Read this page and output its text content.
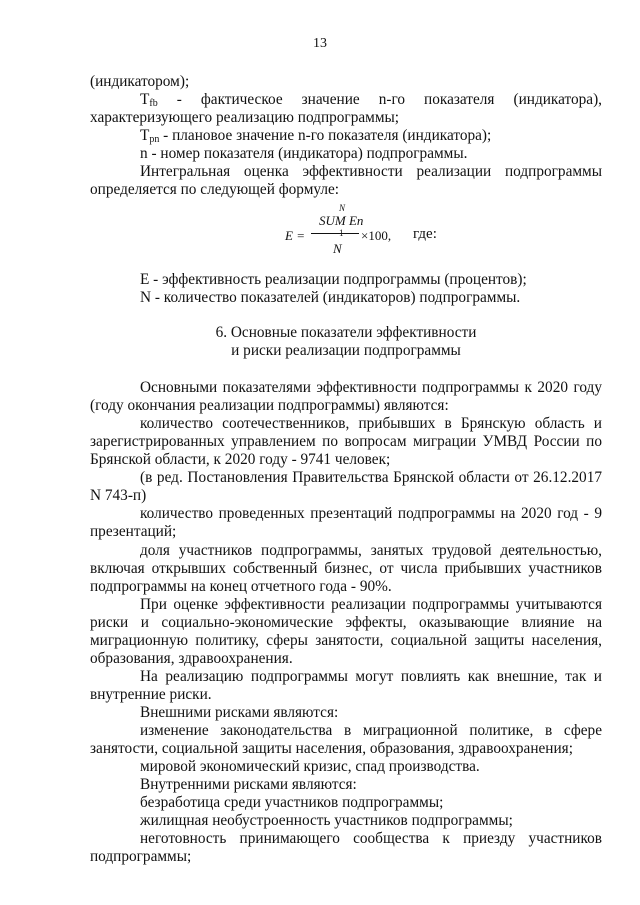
13
(индикатором);
$T_{fb}$ - фактическое значение n-го показателя (индикатора),
характеризующего реализацию подпрограммы;
$T_{pn}$ - плановое значение n-го показателя (индикатора);
n - номер показателя (индикатора) подпрограммы.
Интегральная оценка эффективности реализации подпрограммы
определяется по следующей формуле:
N
SUM En
E =	×100,
N
где:
E - эффективность реализации подпрограммы (процентов);
N - количество показателей (индикаторов) подпрограммы.
6. Основные показатели эффективности
и риски реализации подпрограммы
Основными показателями эффективности подпрограммы к 2020 году
(году окончания реализации подпрограммы) являются:
количество соотечественников, прибывших в Брянскую область и
зарегистрированных управлением по вопросам миграции УМВД России по
Брянской области, к 2020 году - 9741 человек;
(в ред. Постановления Правительства Брянской области от 26.12.2017
N 743-п)
количество проведенных презентаций подпрограммы на 2020 год - 9
презентаций;
доля участников подпрограммы, занятых трудовой деятельностью,
включая открывших собственный бизнес, от числа прибывших участников
подпрограммы на конец отчетного года - 90%.
При оценке эффективности реализации подпрограммы учитываются
риски и социально-экономические эффекты, оказывающие влияние на
миграционную политику, сферы занятости, социальной защиты населения,
образования, здравоохранения.
На реализацию подпрограммы могут повлиять как внешние, так и
внутренние риски.
Внешними рисками являются:
изменение законодательства в миграционной политике, в сфере
занятости, социальной защиты населения, образования, здравоохранения;
мировой экономический кризис, спад производства.
Внутренними рисками являются:
безработица среди участников подпрограммы;
жилищная необустроенность участников подпрограммы;
неготовность принимающего сообщества к приезду участников
подпрограммы;
